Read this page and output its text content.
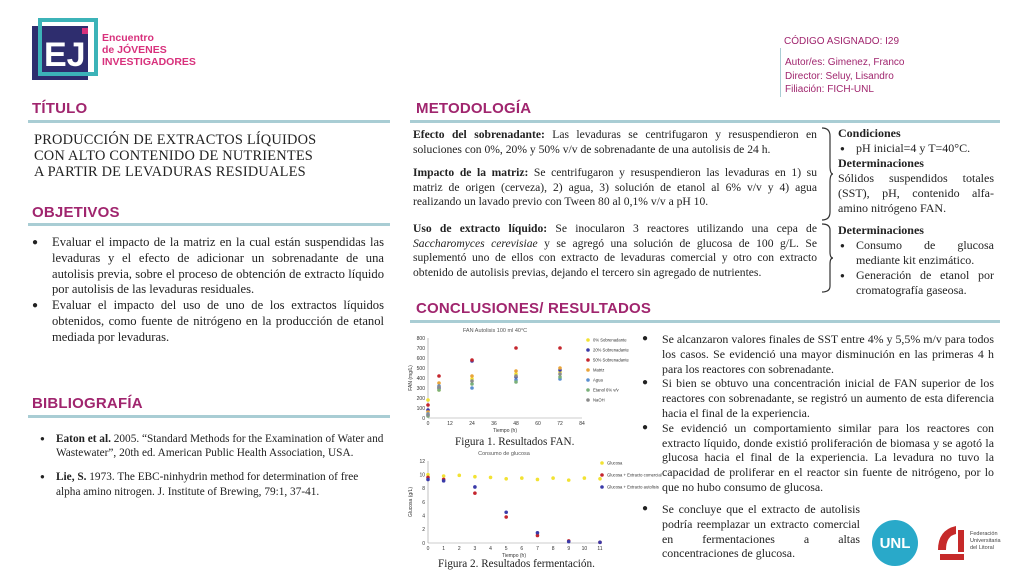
EJi Encuentro
de JÓVENES
INVESTIGADORES
CÓDIGO ASIGNADO: I29
Autor/es: Gimenez, Franco
Director: Seluy, Lisandro
Filiación: FICH-UNL
TÍTULO
PRODUCCIÓN DE EXTRACTOS LÍQUIDOS
CON ALTO CONTENIDO DE NUTRIENTES
A PARTIR DE LEVADURAS RESIDUALES
OBJETIVOS
● Evaluar el impacto de la matriz en la cual están suspendidas las levaduras y el efecto de adicionar un sobrenadante de una autolisis previa, sobre el proceso de obtención de extracto líquido por autolisis de las levaduras residuales.
● Evaluar el impacto del uso de uno de los extractos líquidos obtenidos, como fuente de nitrógeno en la producción de etanol mediada por levaduras.
BIBLIOGRAFÍA
● Eaton et al. 2005. “Standard Methods for the Examination of Water and Wastewater”, 20th ed. American Public Health Association, USA.
● Lie, S. 1973. The EBC-ninhydrin method for determination of free alpha amino nitrogen. J. Institute of Brewing, 79:1, 37-41.
METODOLOGÍA
Efecto del sobrenadante: Las levaduras se centrifugaron y resuspendieron en soluciones con 0%, 20% y 50% v/v de sobrenadante de una autolisis de 24 h.
Impacto de la matriz: Se centrifugaron y resuspendieron las levaduras en 1) su matriz de origen (cerveza), 2) agua, 3) solución de etanol al 6% v/v y 4) agua realizando un lavado previo con Tween 80 al 0,1% v/v a pH 10.
Uso de extracto líquido: Se inocularon 3 reactores utilizando una cepa de Saccharomyces cerevisiae y se agregó una solución de glucosa de 100 g/L. Se suplementó uno de ellos con extracto de levaduras comercial y otro con extracto obtenido de autolisis previas, dejando el tercero sin agregado de nutrientes.
Condiciones
● pH inicial=4 y T=40°C.
Determinaciones
Sólidos suspendidos totales (SST), pH, contenido alfa-amino nitrógeno FAN.
Determinaciones
● Consumo de glucosa mediante kit enzimático.
● Generación de etanol por cromatografía gaseosa.
CONCLUSIONES/ RESULTADOS
FAN Autolisis 100 ml 40°C
0	12	24	36	48	60	72	84
0
100
200
300
400
500
600
700
800
Tiempo (h)
FAN (mg/L)
0% Sobrenadante
20% Sobrenadante
50% Sobrenadante
Matriz
Agua
Etanol 6% v/v
NaOH
Figura 1. Resultados FAN.
Consumo de glucosa
0	1	2	3	4	5	6	7	8	9 10 11
0
2
4
6
8
10
12
Tiempo (h)
Glucosa (g/L)
Glucosa
Glucosa + Extracto comercial
Glucosa + Extracto autolisis
Figura 2. Resultados fermentación.
● Se alcanzaron valores finales de SST entre 4% y 5,5% m/v para todos los casos. Se evidenció una mayor disminución en las primeras 4 h para los reactores con sobrenadante.
● Si bien se obtuvo una concentración inicial de FAN superior de los reactores con sobrenadante, se registró un aumento de esta diferencia hacia el final de la experiencia.
● Se evidenció un comportamiento similar para los reactores con extracto líquido, donde existió proliferación de biomasa y se agotó la glucosa hacia el final de la experiencia. La levadura no tuvo la capacidad de proliferar en el reactor sin fuente de nitrógeno, por lo que no hubo consumo de glucosa.
● Se concluye que el extracto de autolisis podría reemplazar un extracto comercial en fermentaciones a altas concentraciones de glucosa.
UNL
Federación
Universitaria
del Litoral
